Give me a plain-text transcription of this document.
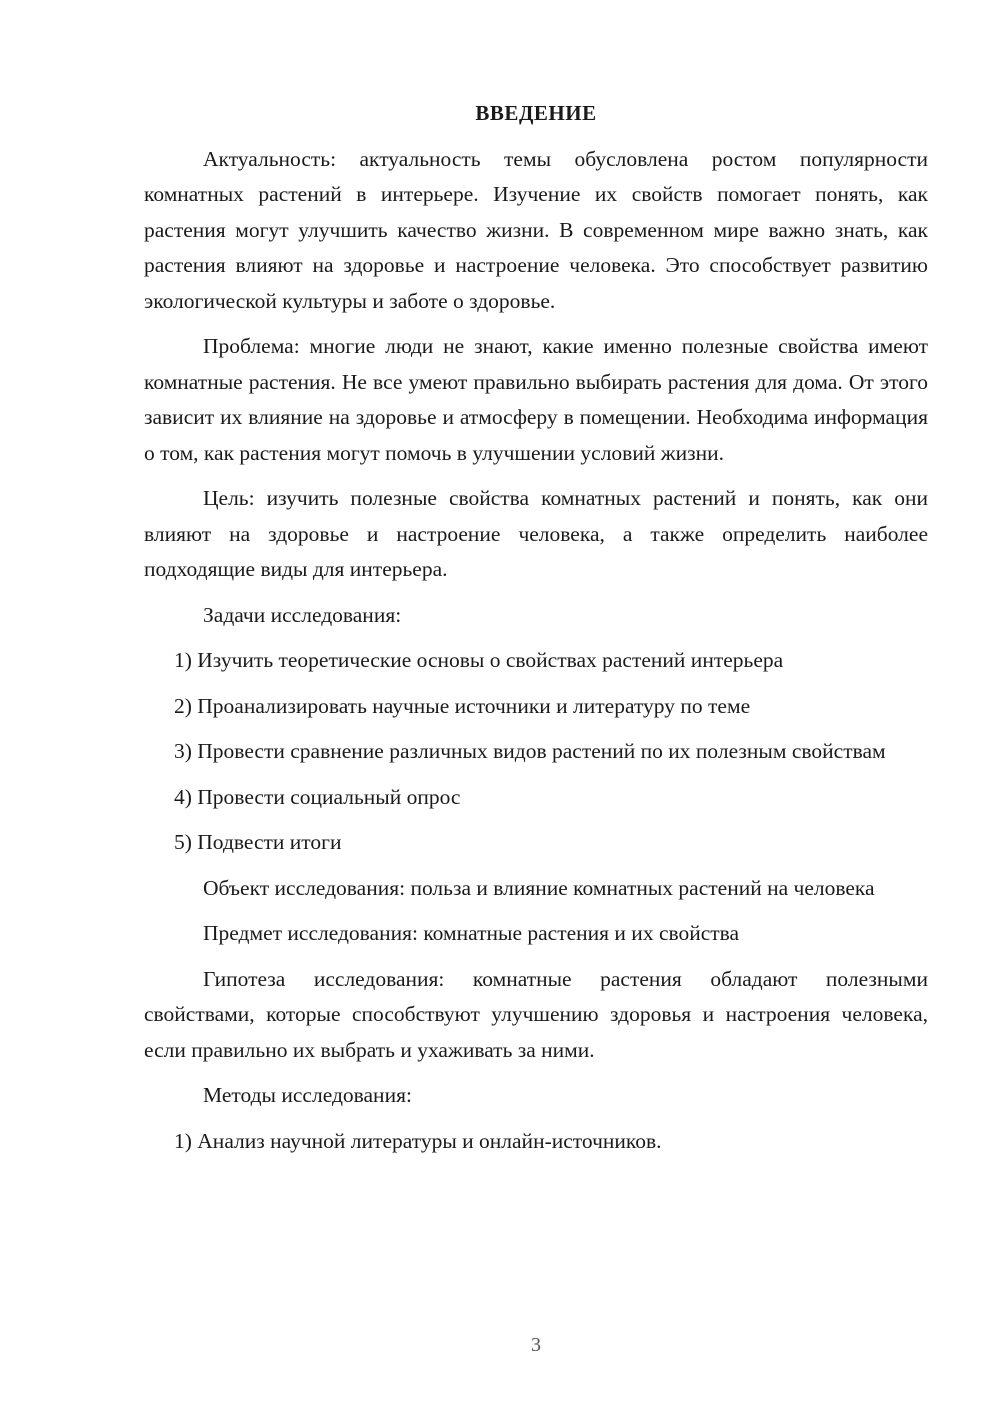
ВВЕДЕНИЕ
Актуальность: актуальность темы обусловлена ростом популярности комнатных растений в интерьере. Изучение их свойств помогает понять, как растения могут улучшить качество жизни. В современном мире важно знать, как растения влияют на здоровье и настроение человека. Это способствует развитию экологической культуры и заботе о здоровье.
Проблема: многие люди не знают, какие именно полезные свойства имеют комнатные растения. Не все умеют правильно выбирать растения для дома. От этого зависит их влияние на здоровье и атмосферу в помещении. Необходима информация о том, как растения могут помочь в улучшении условий жизни.
Цель: изучить полезные свойства комнатных растений и понять, как они влияют на здоровье и настроение человека, а также определить наиболее подходящие виды для интерьера.
Задачи исследования:
1) Изучить теоретические основы о свойствах растений интерьера
2) Проанализировать научные источники и литературу по теме
3) Провести сравнение различных видов растений по их полезным свойствам
4) Провести социальный опрос
5) Подвести итоги
Объект исследования: польза и влияние комнатных растений на человека
Предмет исследования: комнатные растения и их свойства
Гипотеза исследования: комнатные растения обладают полезными свойствами, которые способствуют улучшению здоровья и настроения человека, если правильно их выбрать и ухаживать за ними.
Методы исследования:
1) Анализ научной литературы и онлайн-источников.
3
